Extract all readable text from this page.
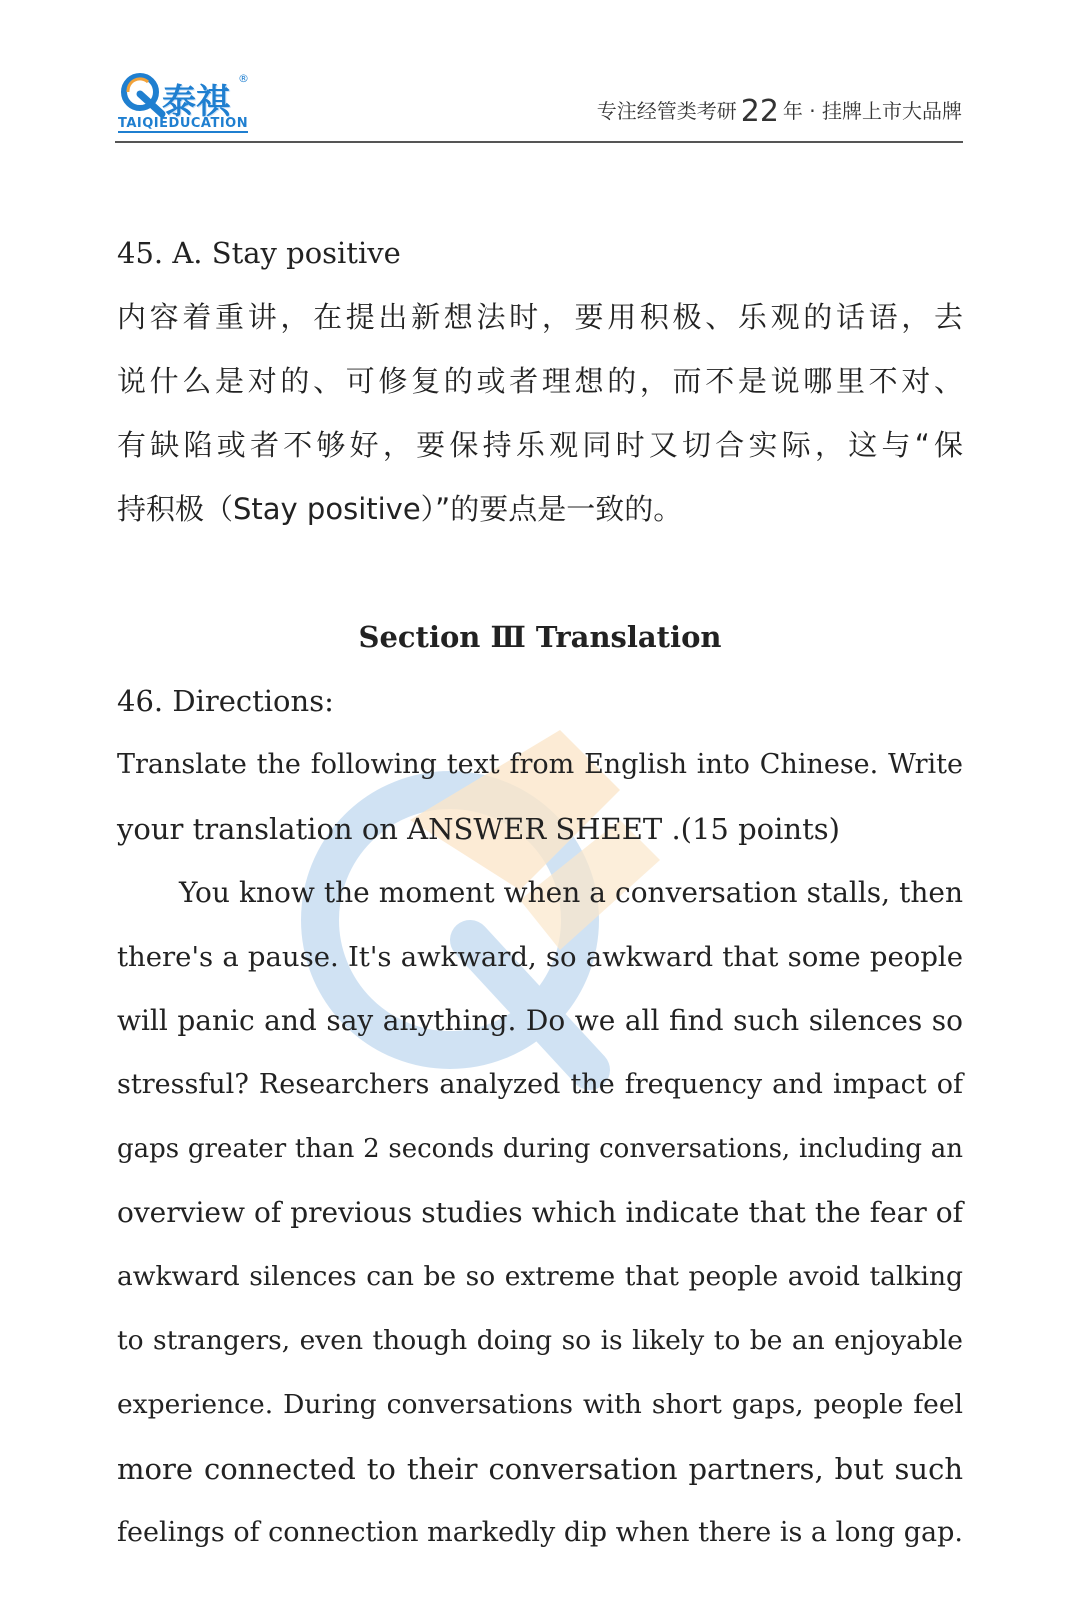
泰祺
®
TAIQIEDUCATION
专注经管类考研 22 年 · 挂牌上市大品牌
45. A. Stay positive
内容着重讲，在提出新想法时，要用积极、乐观的话语，去
说什么是对的、可修复的或者理想的，而不是说哪里不对、
有缺陷或者不够好，要保持乐观同时又切合实际，这与“保
持积极（Stay positive）”的要点是一致的。
Section Ⅲ Translation
46. Directions:
Translate the following text from English into Chinese. Write
your translation on ANSWER SHEET .(15 points)
You know the moment when a conversation stalls, then
there's a pause. It's awkward, so awkward that some people
will panic and say anything. Do we all find such silences so
stressful? Researchers analyzed the frequency and impact of
gaps greater than 2 seconds during conversations, including an
overview of previous studies which indicate that the fear of
awkward silences can be so extreme that people avoid talking
to strangers, even though doing so is likely to be an enjoyable
experience. During conversations with short gaps, people feel
more connected to their conversation partners, but such
feelings of connection markedly dip when there is a long gap.
